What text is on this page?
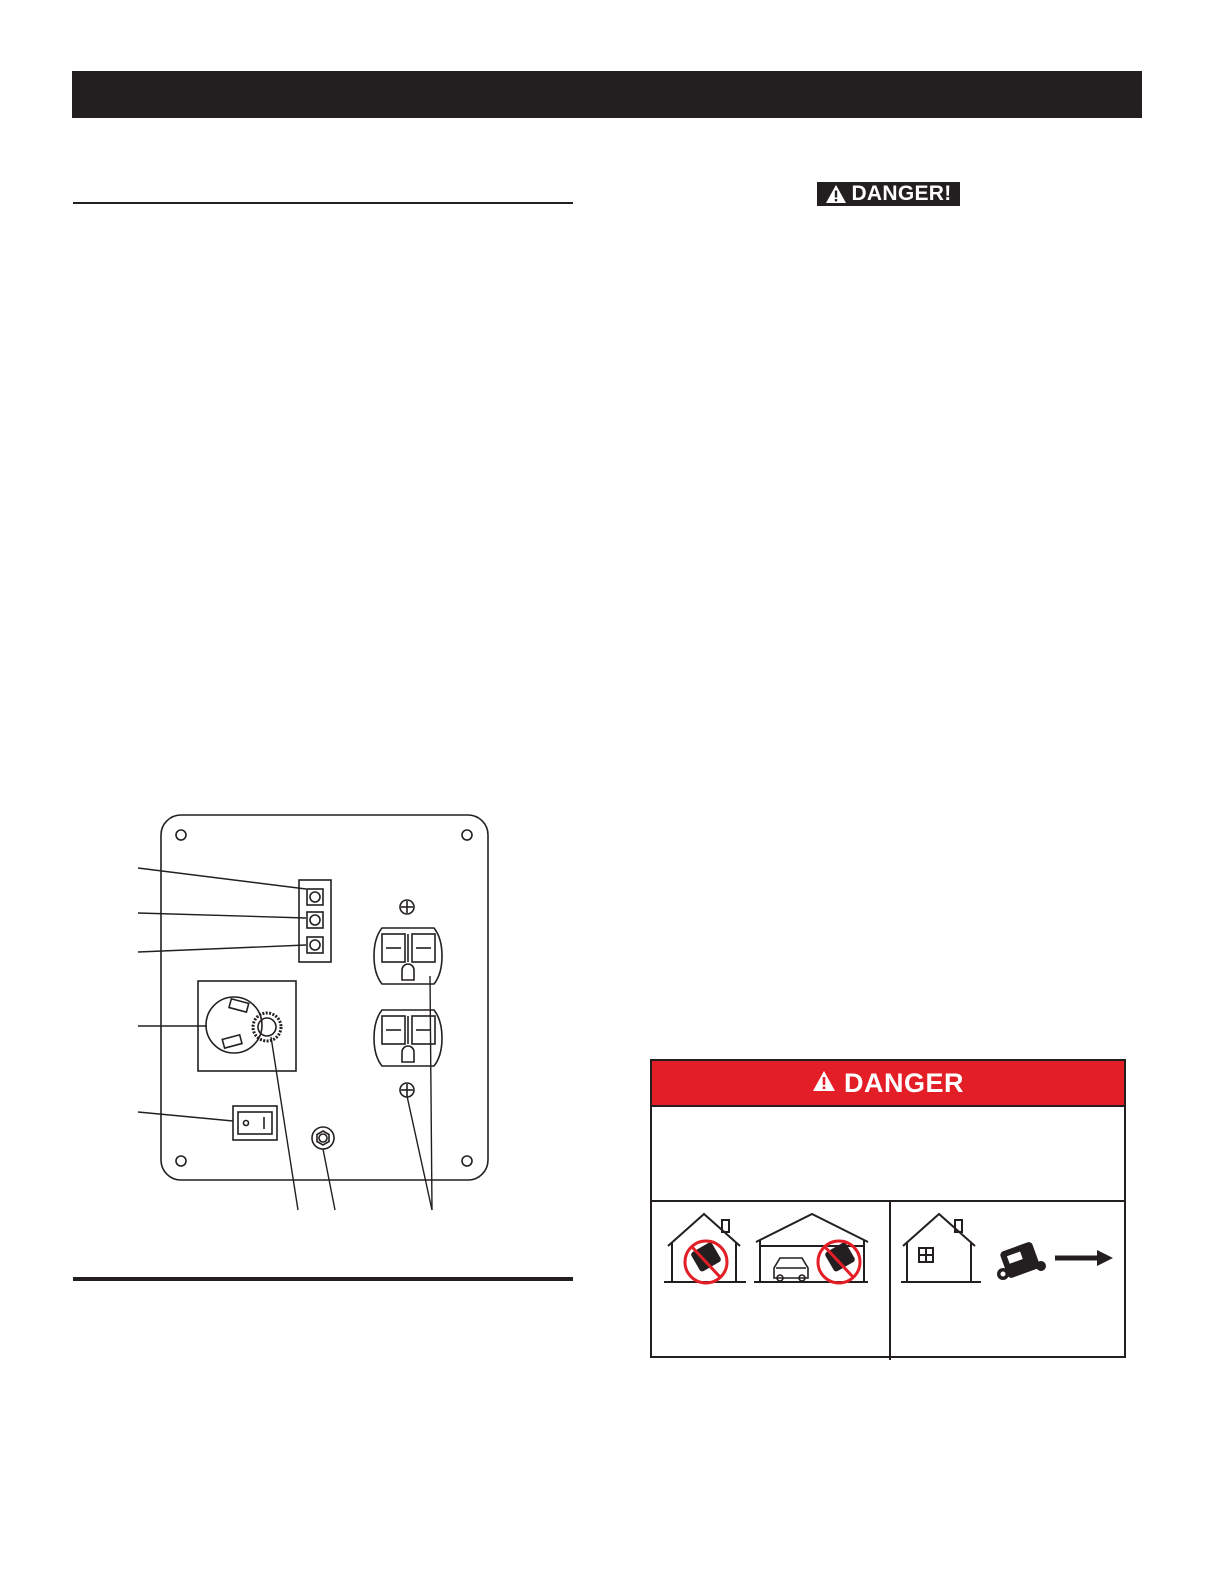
DANGER!
DANGER
